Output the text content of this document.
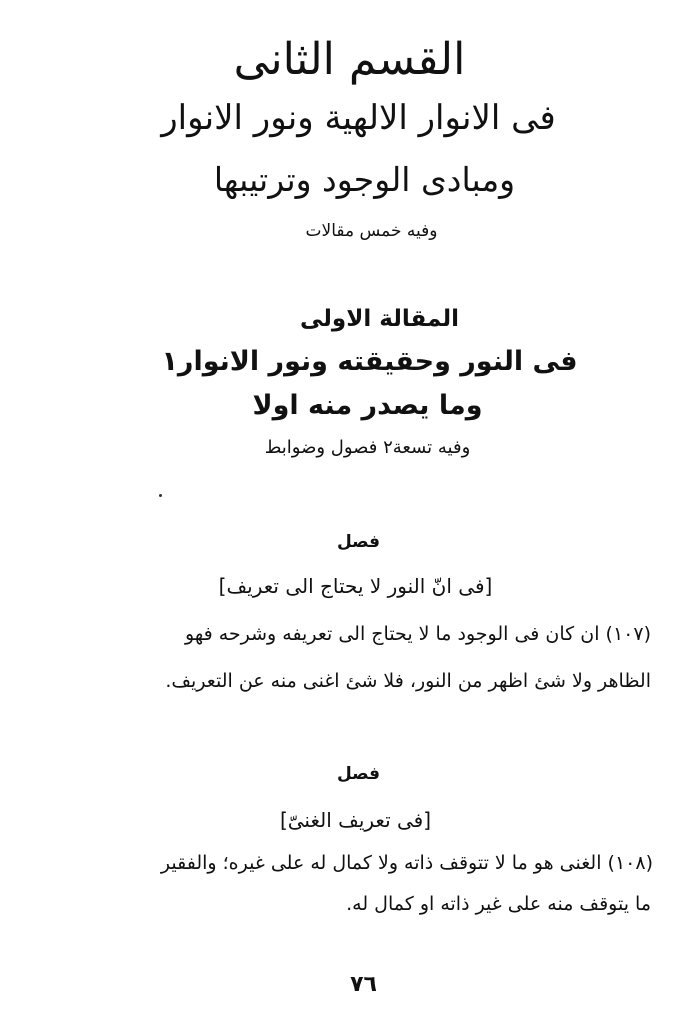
القسم الثانى
فى الانوار الالهية ونور الانوار
ومبادى الوجود وترتيبها
وفيه خمس مقالات
المقالة الاولى
فى النور وحقيقته ونور الانوار١
وما يصدر منه اولا
وفيه تسعة٢ فصول وضوابط
فصل
[فى انّ النور لا يحتاج الى تعريف]
(١٠٧) ان كان فى الوجود ما لا يحتاج الى تعريفه وشرحه فهو
الظاهر ولا شئ اظهر من النور، فلا شئ اغنى منه عن التعريف.
فصل
[فى تعريف الغنىّ]
(١٠٨) الغنى هو ما لا تتوقف ذاته ولا كمال له على غيره؛ والفقير
ما يتوقف منه على غير ذاته او كمال له.
٧٦
